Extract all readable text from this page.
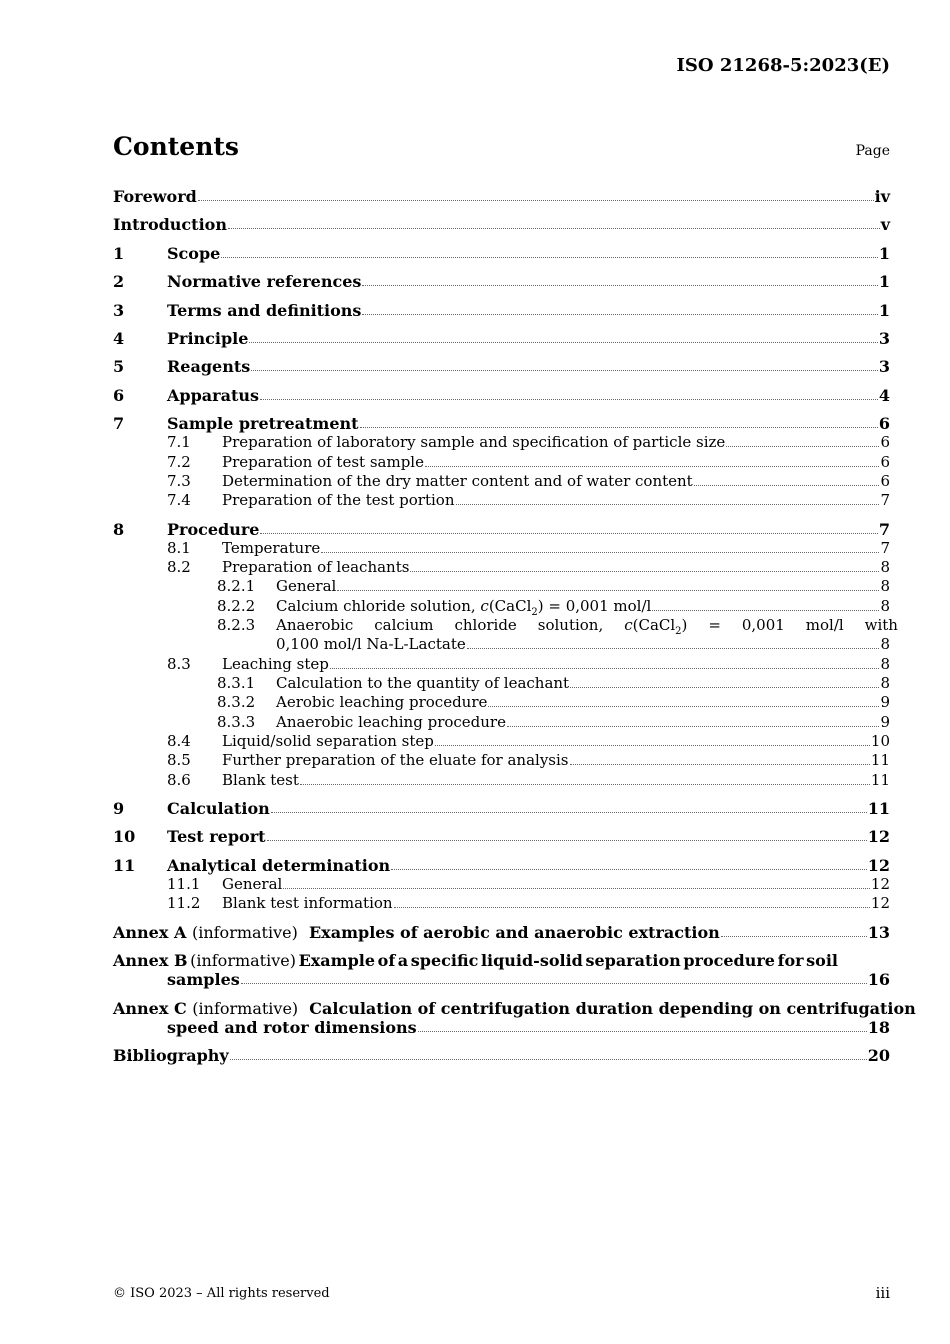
ISO 21268-5:2023(E)
Contents	Page
Foreword	iv
Introduction	v
1	Scope	1
2	Normative references	1
3	Terms and definitions	1
4	Principle	3
5	Reagents	3
6	Apparatus	4
7	Sample pretreatment	6
7.1	Preparation of laboratory sample and specification of particle size	6
7.2	Preparation of test sample	6
7.3	Determination of the dry matter content and of water content	6
7.4	Preparation of the test portion	7
8	Procedure	7
8.1	Temperature	7
8.2	Preparation of leachants	8
8.2.1	General	8
8.2.2	Calcium chloride solution, c(CaCl$_2$) = 0,001 mol/l	8
8.2.3	Anaerobic calcium chloride solution, c(CaCl$_2$) = 0,001 mol/l with
0,100 mol/l Na-L-Lactate	8
8.3	Leaching step	8
8.3.1	Calculation to the quantity of leachant	8
8.3.2	Aerobic leaching procedure	9
8.3.3	Anaerobic leaching procedure	9
8.4	Liquid/solid separation step	10
8.5	Further preparation of the eluate for analysis	11
8.6	Blank test	11
9	Calculation	11
10	Test report	12
11	Analytical determination	12
11.1	General	12
11.2	Blank test information	12
Annex A (informative) Examples of aerobic and anaerobic extraction	13
Annex B (informative) Example of a specific liquid-solid separation procedure for soil
samples	16
Annex C (informative) Calculation of centrifugation duration depending on centrifugation
speed and rotor dimensions	18
Bibliography	20
© ISO 2023 – All rights reserved	iii
